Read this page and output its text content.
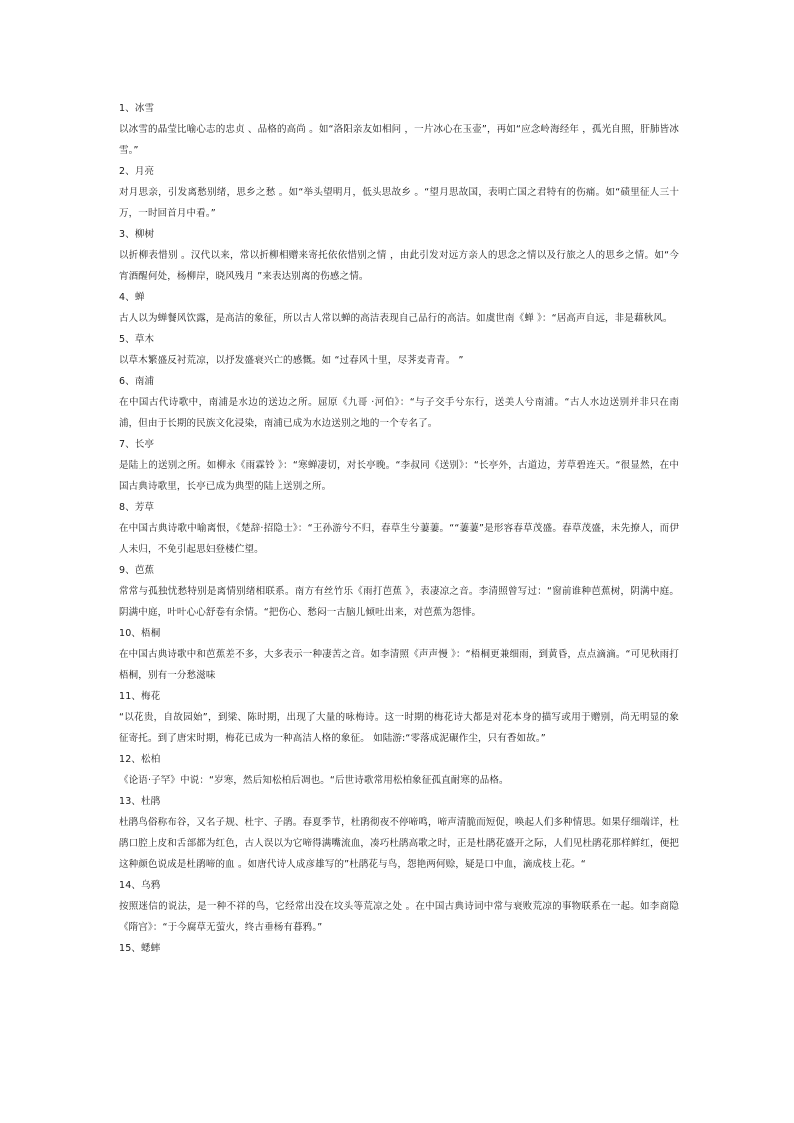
1、冰雪

以冰雪的晶莹比喻心志的忠贞 、品格的高尚 。如“洛阳亲友如相问 ，一片冰心在玉壶”，再如“应念岭海经年 ，孤光自照，肝肺皆冰雪。”

2、月亮

对月思亲，引发离愁别绪，思乡之愁 。如“举头望明月，低头思故乡 。“望月思故国，表明亡国之君特有的伤痛。如“碛里征人三十万，一时回首月中看。”

3、柳树

以折柳表惜别 。汉代以来，常以折柳相赠来寄托依依惜别之情 ，由此引发对远方亲人的思念之情以及行旅之人的思乡之情。如“今宵酒醒何处，杨柳岸，晓风残月 ”来表达别离的伤感之情。

4、蝉

古人以为蝉餐风饮露，是高洁的象征，所以古人常以蝉的高洁表现自己品行的高洁。如虞世南《蝉 》：“居高声自远，非是藉秋风。

5、草木

以草木繁盛反衬荒凉，以抒发盛衰兴亡的感慨。如 “过春风十里，尽荠麦青青。 ”

6、南浦

在中国古代诗歌中，南浦是水边的送边之所。屈原《九哥 ·河伯》：“与子交手兮东行，送美人兮南浦。“古人水边送别并非只在南浦，但由于长期的民族文化浸染，南浦已成为水边送别之地的一个专名了。

7、长亭

是陆上的送别之所。如柳永《雨霖铃 》：“寒蝉凄切，对长亭晚。“李叔同《送别》：“长亭外，古道边，芳草碧连天。“很显然，在中国古典诗歌里，长亭已成为典型的陆上送别之所。

8、芳草

在中国古典诗歌中喻离恨，《楚辞·招隐士》：“王孙游兮不归，春草生兮萋萋。““萋萋”是形容春草茂盛。春草茂盛，未先撩人，而伊人未归，不免引起思妇登楼伫望。

9、芭蕉

常常与孤独忧愁特别是离情别绪相联系。南方有丝竹乐《雨打芭蕉 》，表凄凉之音。李清照曾写过：“窗前谁种芭蕉树，阴满中庭。阴满中庭，叶叶心心舒卷有余情。“把伤心、愁闷一古脑儿倾吐出来，对芭蕉为怨悱。

10、梧桐

在中国古典诗歌中和芭蕉差不多，大多表示一种凄苦之音。如李清照《声声慢 》：“梧桐更兼细雨，到黄昏，点点滴滴。“可见秋雨打梧桐，别有一分愁滋味

11、梅花

“以花贵，自故园始”，到梁、陈时期，出现了大量的咏梅诗。这一时期的梅花诗大都是对花本身的描写或用于赠别，尚无明显的象征寄托。到了唐宋时期，梅花已成为一种高洁人格的象征。 如陆游:“零落成泥碾作尘，只有香如故。”

12、松柏

《论语·子罕》中说：“岁寒，然后知松柏后凋也。“后世诗歌常用松柏象征孤直耐寒的品格。

13、杜鹃

杜鹃鸟俗称布谷，又名子规、杜宇、子鹃。春夏季节，杜鹃彻夜不停啼鸣，啼声清脆而短促，唤起人们多种情思。如果仔细端详，杜鹃口腔上皮和舌部都为红色，古人误以为它啼得满嘴流血，凑巧杜鹃高歌之时，正是杜鹃花盛开之际，人们见杜鹃花那样鲜红，便把这种颜色说成是杜鹃啼的血 。如唐代诗人成彦雄写的”杜鹃花与鸟，怨艳两何赊，疑是口中血，滴成枝上花。“

14、乌鸦

按照迷信的说法，是一种不祥的鸟，它经常出没在坟头等荒凉之处 。在中国古典诗词中常与衰败荒凉的事物联系在一起。如李商隐《隋宫》：“于今腐草无萤火，终古垂杨有暮鸦。”

15、蟋蟀
